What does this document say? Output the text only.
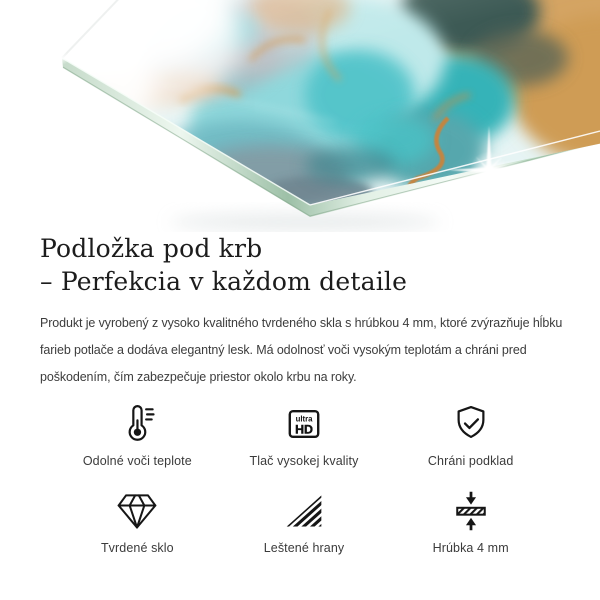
Podložka pod krb
– Perfekcia v každom detaile
Produkt je vyrobený z vysoko kvalitného tvrdeného skla s hrúbkou 4 mm, ktoré zvýrazňuje hĺbku
farieb potlače a dodáva elegantný lesk. Má odolnosť voči vysokým teplotám a chráni pred
poškodením, čím zabezpečuje priestor okolo krbu na roky.
Odolné voči teplote
ultra
HD
Tlač vysokej kvality	Chráni podklad
Tvrdené sklo	Leštené hrany	Hrúbka 4 mm
